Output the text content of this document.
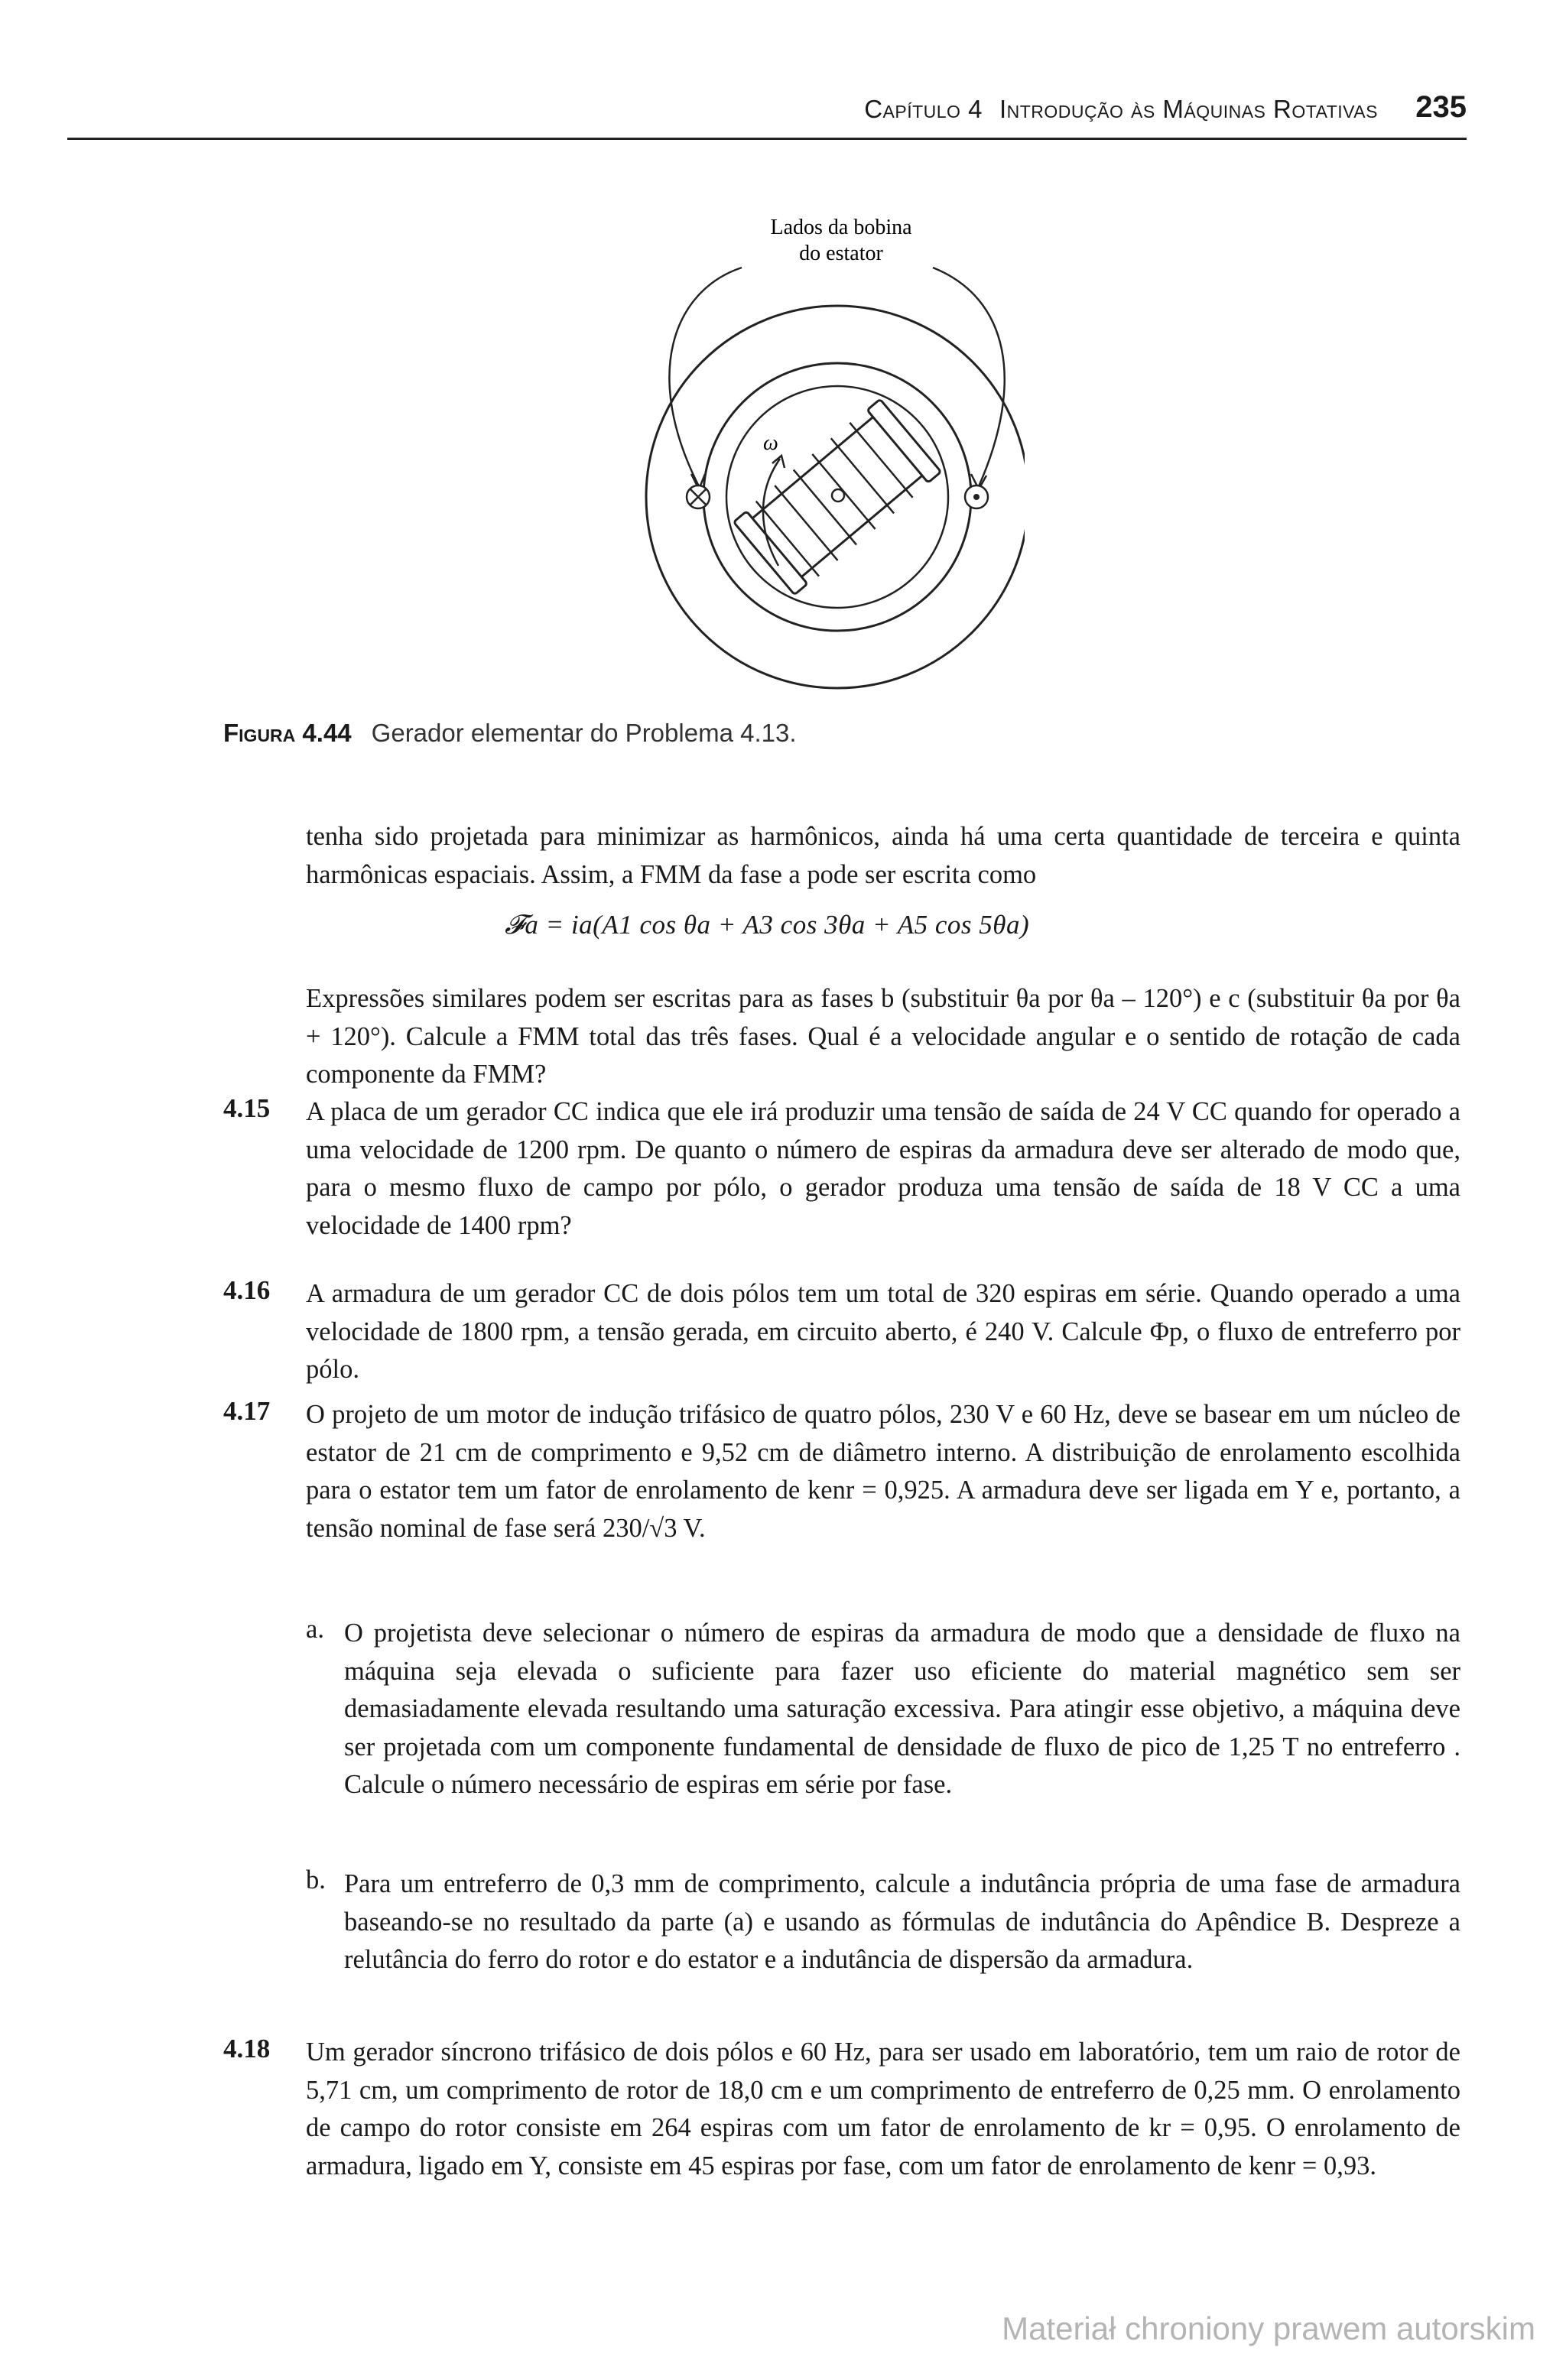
Capítulo 4 Introdução às Máquinas Rotativas 235
Lados da bobina
do estator
ω
Figura 4.44 Gerador elementar do Problema 4.13.
tenha sido projetada para minimizar as harmônicos, ainda há uma certa quantidade de terceira e quinta harmônicas espaciais. Assim, a FMM da fase a pode ser escrita como
𝓕a = ia(A1 cos θa + A3 cos 3θa + A5 cos 5θa)
Expressões similares podem ser escritas para as fases b (substituir θa por θa – 120°) e c (substituir θa por θa + 120°). Calcule a FMM total das três fases. Qual é a velocidade angular e o sentido de rotação de cada componente da FMM?
4.15 A placa de um gerador CC indica que ele irá produzir uma tensão de saída de 24 V CC quando for operado a uma velocidade de 1200 rpm. De quanto o número de espiras da armadura deve ser alterado de modo que, para o mesmo fluxo de campo por pólo, o gerador produza uma tensão de saída de 18 V CC a uma velocidade de 1400 rpm?
4.16 A armadura de um gerador CC de dois pólos tem um total de 320 espiras em série. Quando operado a uma velocidade de 1800 rpm, a tensão gerada, em circuito aberto, é 240 V. Calcule Φp, o fluxo de entreferro por pólo.
4.17 O projeto de um motor de indução trifásico de quatro pólos, 230 V e 60 Hz, deve se basear em um núcleo de estator de 21 cm de comprimento e 9,52 cm de diâmetro interno. A distribuição de enrolamento escolhida para o estator tem um fator de enrolamento de kenr = 0,925. A armadura deve ser ligada em Y e, portanto, a tensão nominal de fase será 230/√3 V.
a. O projetista deve selecionar o número de espiras da armadura de modo que a densidade de fluxo na máquina seja elevada o suficiente para fazer uso eficiente do material magnético sem ser demasiadamente elevada resultando uma saturação excessiva. Para atingir esse objetivo, a máquina deve ser projetada com um componente fundamental de densidade de fluxo de pico de 1,25 T no entreferro . Calcule o número necessário de espiras em série por fase.
b. Para um entreferro de 0,3 mm de comprimento, calcule a indutância própria de uma fase de armadura baseando-se no resultado da parte (a) e usando as fórmulas de indutância do Apêndice B. Despreze a relutância do ferro do rotor e do estator e a indutância de dispersão da armadura.
4.18 Um gerador síncrono trifásico de dois pólos e 60 Hz, para ser usado em laboratório, tem um raio de rotor de 5,71 cm, um comprimento de rotor de 18,0 cm e um comprimento de entreferro de 0,25 mm. O enrolamento de campo do rotor consiste em 264 espiras com um fator de enrolamento de kr = 0,95. O enrolamento de armadura, ligado em Y, consiste em 45 espiras por fase, com um fator de enrolamento de kenr = 0,93.
Materiał chroniony prawem autorskim
